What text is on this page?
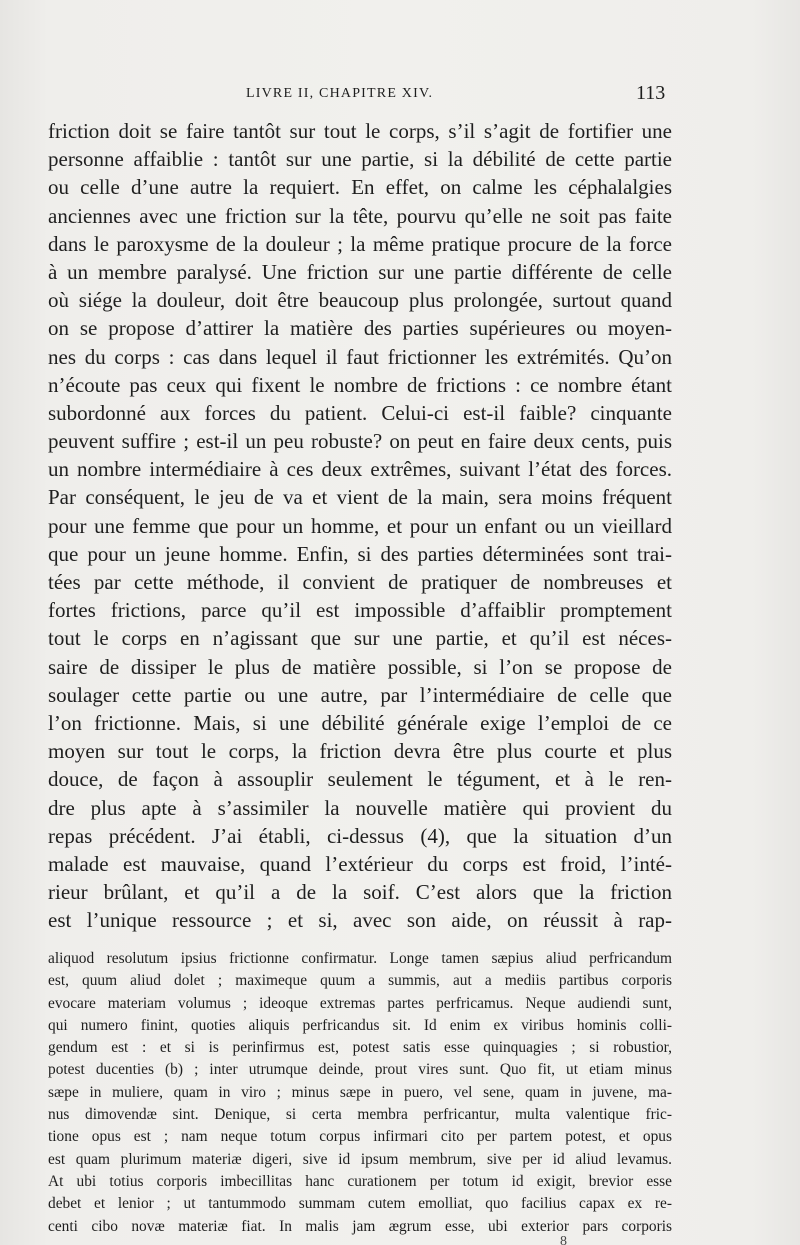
LIVRE II, CHAPITRE XIV.	113
friction doit se faire tantôt sur tout le corps, s’il s’agit de fortifier une
personne affaiblie : tantôt sur une partie, si la débilité de cette partie
ou celle d’une autre la requiert. En effet, on calme les céphalalgies
anciennes avec une friction sur la tête, pourvu qu’elle ne soit pas faite
dans le paroxysme de la douleur ; la même pratique procure de la force
à un membre paralysé. Une friction sur une partie différente de celle
où siége la douleur, doit être beaucoup plus prolongée, surtout quand
on se propose d’attirer la matière des parties supérieures ou moyen-
nes du corps : cas dans lequel il faut frictionner les extrémités. Qu’on
n’écoute pas ceux qui fixent le nombre de frictions : ce nombre étant
subordonné aux forces du patient. Celui-ci est-il faible? cinquante
peuvent suffire ; est-il un peu robuste? on peut en faire deux cents, puis
un nombre intermédiaire à ces deux extrêmes, suivant l’état des forces.
Par conséquent, le jeu de va et vient de la main, sera moins fréquent
pour une femme que pour un homme, et pour un enfant ou un vieillard
que pour un jeune homme. Enfin, si des parties déterminées sont trai-
tées par cette méthode, il convient de pratiquer de nombreuses et
fortes frictions, parce qu’il est impossible d’affaiblir promptement
tout le corps en n’agissant que sur une partie, et qu’il est néces-
saire de dissiper le plus de matière possible, si l’on se propose de
soulager cette partie ou une autre, par l’intermédiaire de celle que
l’on frictionne. Mais, si une débilité générale exige l’emploi de ce
moyen sur tout le corps, la friction devra être plus courte et plus
douce, de façon à assouplir seulement le tégument, et à le ren-
dre plus apte à s’assimiler la nouvelle matière qui provient du
repas précédent. J’ai établi, ci-dessus (4), que la situation d’un
malade est mauvaise, quand l’extérieur du corps est froid, l’inté-
rieur brûlant, et qu’il a de la soif. C’est alors que la friction
est l’unique ressource ; et si, avec son aide, on réussit à rap-
aliquod resolutum ipsius frictionne confirmatur. Longe tamen sæpius aliud perfricandum
est, quum aliud dolet ; maximeque quum a summis, aut a mediis partibus corporis
evocare materiam volumus ; ideoque extremas partes perfricamus. Neque audiendi sunt,
qui numero finint, quoties aliquis perfricandus sit. Id enim ex viribus hominis colli-
gendum est : et si is perinfirmus est, potest satis esse quinquagies ; si robustior,
potest ducenties (b) ; inter utrumque deinde, prout vires sunt. Quo fit, ut etiam minus
sæpe in muliere, quam in viro ; minus sæpe in puero, vel sene, quam in juvene, ma-
nus dimovendæ sint. Denique, si certa membra perfricantur, multa valentique fric-
tione opus est ; nam neque totum corpus infirmari cito per partem potest, et opus
est quam plurimum materiæ digeri, sive id ipsum membrum, sive per id aliud levamus.
At ubi totius corporis imbecillitas hanc curationem per totum id exigit, brevior esse
debet et lenior ; ut tantummodo summam cutem emolliat, quo facilius capax ex re-
centi cibo novæ materiæ fiat. In malis jam ægrum esse, ubi exterior pars corporis
8
